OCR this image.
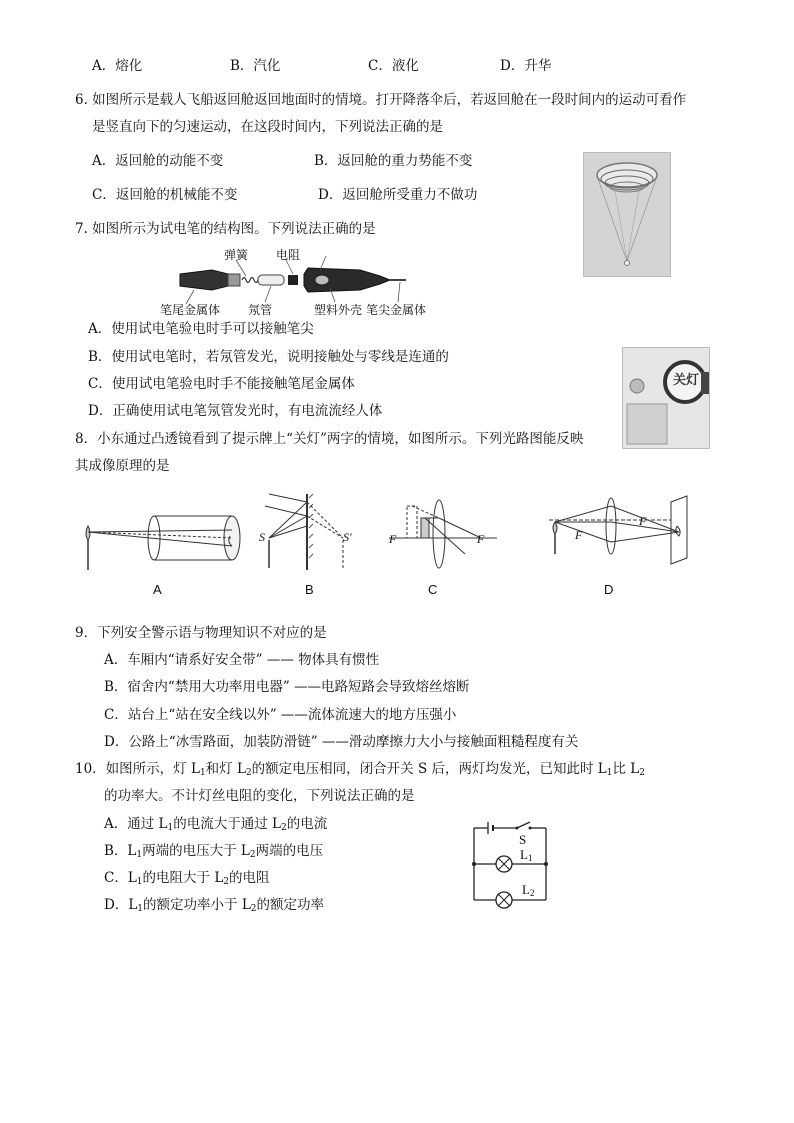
A．熔化	B．汽化	C．液化	D．升华
6. 如图所示是载人飞船返回舱返回地面时的情境。打开降落伞后，若返回舱在一段时间内的运动可看作
是竖直向下的匀速运动，在这段时间内，下列说法正确的是
A．返回舱的动能不变	B．返回舱的重力势能不变
C．返回舱的机械能不变	D．返回舱所受重力不做功
7. 如图所示为试电笔的结构图。下列说法正确的是
弹簧 电阻
笔尾金属体 氖管	塑料外壳 笔尖金属体
A．使用试电笔验电时手可以接触笔尖
B．使用试电笔时，若氖管发光，说明接触处与零线是连通的
C．使用试电笔验电时手不能接触笔尾金属体
D．正确使用试电笔氖管发光时，有电流流经人体
关灯
8．小东通过凸透镜看到了提示牌上“关灯”两字的情境，如图所示。下列光路图能反映
其成像原理的是
S	S′	F	F	F
F
A	B	C	D
9．下列安全警示语与物理知识不对应的是
A．车厢内“请系好安全带” —— 物体具有惯性
B．宿舍内“禁用大功率用电器” ——电路短路会导致熔丝熔断
C．站台上“站在安全线以外” ——流体流速大的地方压强小
D．公路上“冰雪路面，加装防滑链” ——滑动摩擦力大小与接触面粗糙程度有关
10．如图所示，灯 $L_1$和灯 $L_2$的额定电压相同，闭合开关 S 后，两灯均发光，已知此时 $L_1$比 $L_2$
的功率大。不计灯丝电阻的变化，下列说法正确的是
A．通过 $L_1$的电流大于通过 $L_2$的电流
B．$L_1$两端的电压大于 $L_2$两端的电压
C．$L_1$的电阻大于 $L_2$的电阻
D．$L_1$的额定功率小于 $L_2$的额定功率
S
$L_1$
$L_2$
